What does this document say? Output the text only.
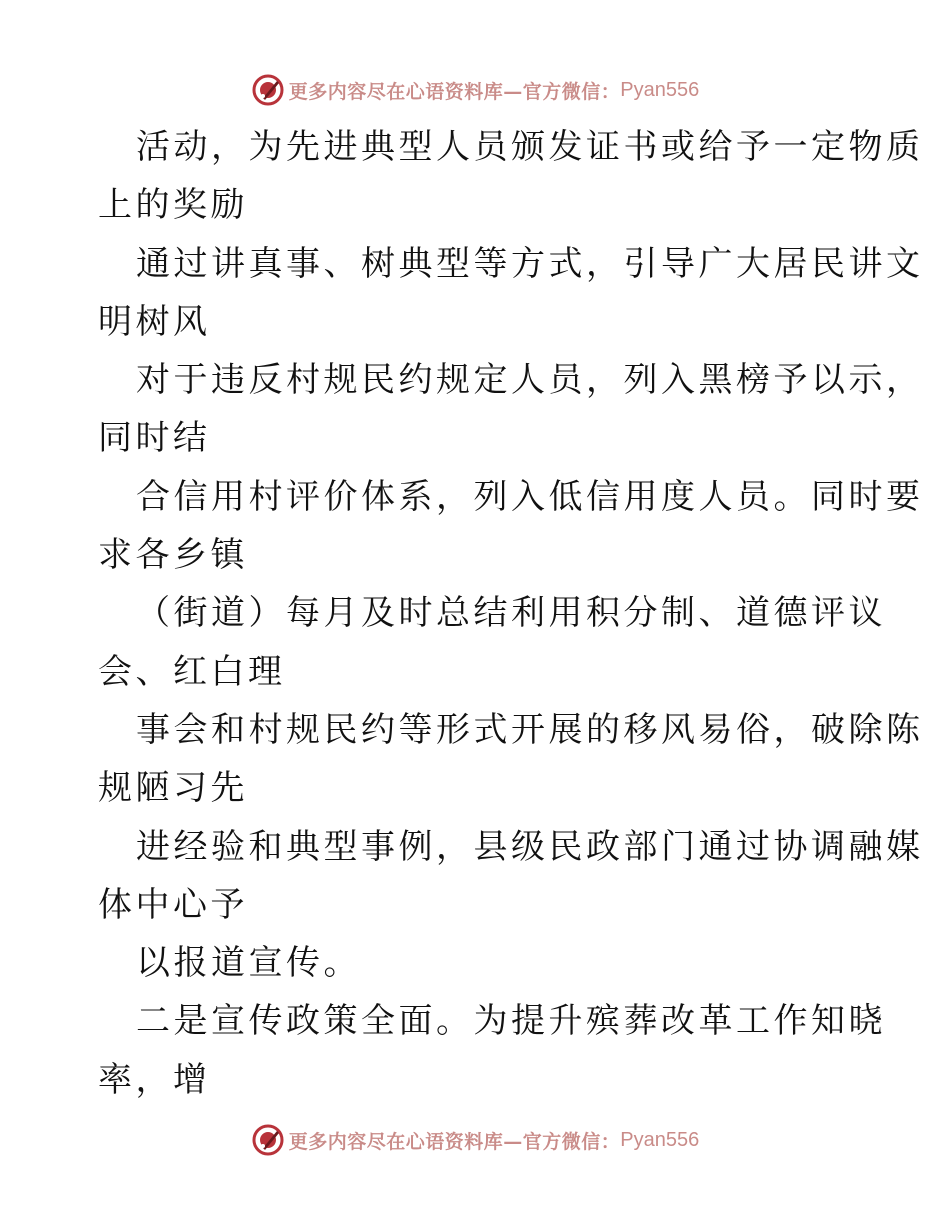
更多内容尽在心语资料库—官方微信： Pyan556
活动，为先进典型人员颁发证书或给予一定物质
上的奖励
通过讲真事、树典型等方式，引导广大居民讲文
明树风
对于违反村规民约规定人员，列入黑榜予以示，
同时结
合信用村评价体系，列入低信用度人员。同时要
求各乡镇
（街道）每月及时总结利用积分制、道德评议
会、红白理
事会和村规民约等形式开展的移风易俗，破除陈
规陋习先
进经验和典型事例，县级民政部门通过协调融媒
体中心予
以报道宣传。
二是宣传政策全面。为提升殡葬改革工作知晓
率，增
更多内容尽在心语资料库—官方微信： Pyan556
